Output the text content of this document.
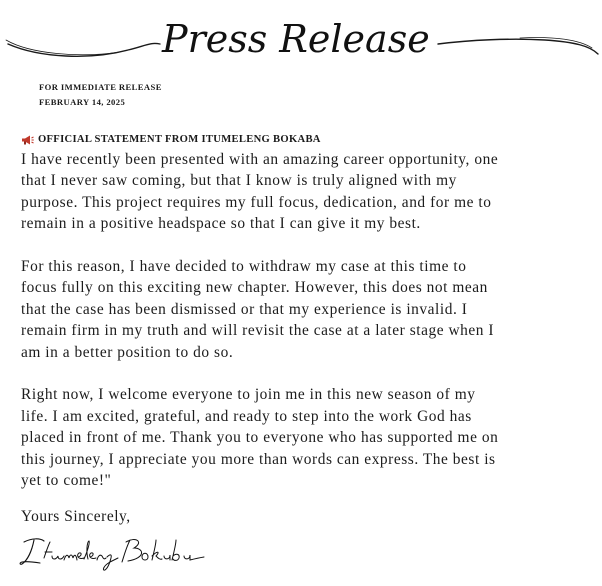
Press Release
FOR IMMEDIATE RELEASE
FEBRUARY 14, 2025
OFFICIAL STATEMENT FROM ITUMELENG BOKABA

I have recently been presented with an amazing career opportunity, one
that I never saw coming, but that I know is truly aligned with my
purpose. This project requires my full focus, dedication, and for me to
remain in a positive headspace so that I can give it my best.

For this reason, I have decided to withdraw my case at this time to
focus fully on this exciting new chapter. However, this does not mean
that the case has been dismissed or that my experience is invalid. I
remain firm in my truth and will revisit the case at a later stage when I
am in a better position to do so.

Right now, I welcome everyone to join me in this new season of my
life. I am excited, grateful, and ready to step into the work God has
placed in front of me. Thank you to everyone who has supported me on
this journey, I appreciate you more than words can express. The best is
yet to come!"

Yours Sincerely,
